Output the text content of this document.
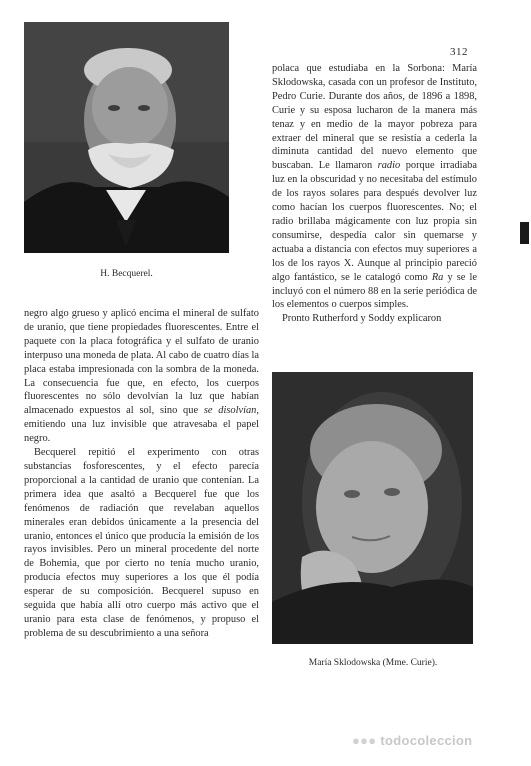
312
H. Becquerel.

polaca que estudiaba en la Sorbona: María Sklodowska, casada con un profesor de Instituto, Pedro Curie. Durante dos años, de 1896 a 1898, Curie y su esposa lucharon de la manera más tenaz y en medio de la mayor pobreza para extraer del mineral que se resistía a cederla la diminuta cantidad del nuevo elemento que buscaban. Le llamaron radio porque irradiaba luz en la obscuridad y no necesitaba del estímulo de los rayos solares para después devolver luz como hacían los cuerpos fluorescentes. No; el radio brillaba mágicamente con luz propia sin consumirse, despedía calor sin quemarse y actuaba a distancia con efectos muy superiores a los de los rayos X. Aunque al principio pareció algo fantástico, se le catalogó como Ra y se le incluyó con el número 88 en la serie periódica de los elementos o cuerpos simples.

Pronto Rutherford y Soddy explicaron

negro algo grueso y aplicó encima el mineral de sulfato de uranio, que tiene propiedades fluorescentes. Entre el paquete con la placa fotográfica y el sulfato de uranio interpuso una moneda de plata. Al cabo de cuatro días la placa estaba impresionada con la sombra de la moneda. La consecuencia fue que, en efecto, los cuerpos fluorescentes no sólo devolvían la luz que habían almacenado expuestos al sol, sino que se disolvían, emitiendo una luz invisible que atravesaba el papel negro.

Becquerel repitió el experimento con otras substancias fosforescentes, y el efecto parecía proporcional a la cantidad de uranio que contenían. La primera idea que asaltó a Becquerel fue que los fenómenos de radiación que revelaban aquellos minerales eran debidos únicamente a la presencia del uranio, entonces el único que producía la emisión de los rayos invisibles. Pero un mineral procedente del norte de Bohemia, que por cierto no tenía mucho uranio, producía efectos muy superiores a los que él podía esperar de su composición. Becquerel supuso en seguida que había allí otro cuerpo más activo que el uranio para esta clase de fenómenos, y propuso el problema de su descubrimiento a una señora

María Sklodowska (Mme. Curie).
●●● todocoleccion
